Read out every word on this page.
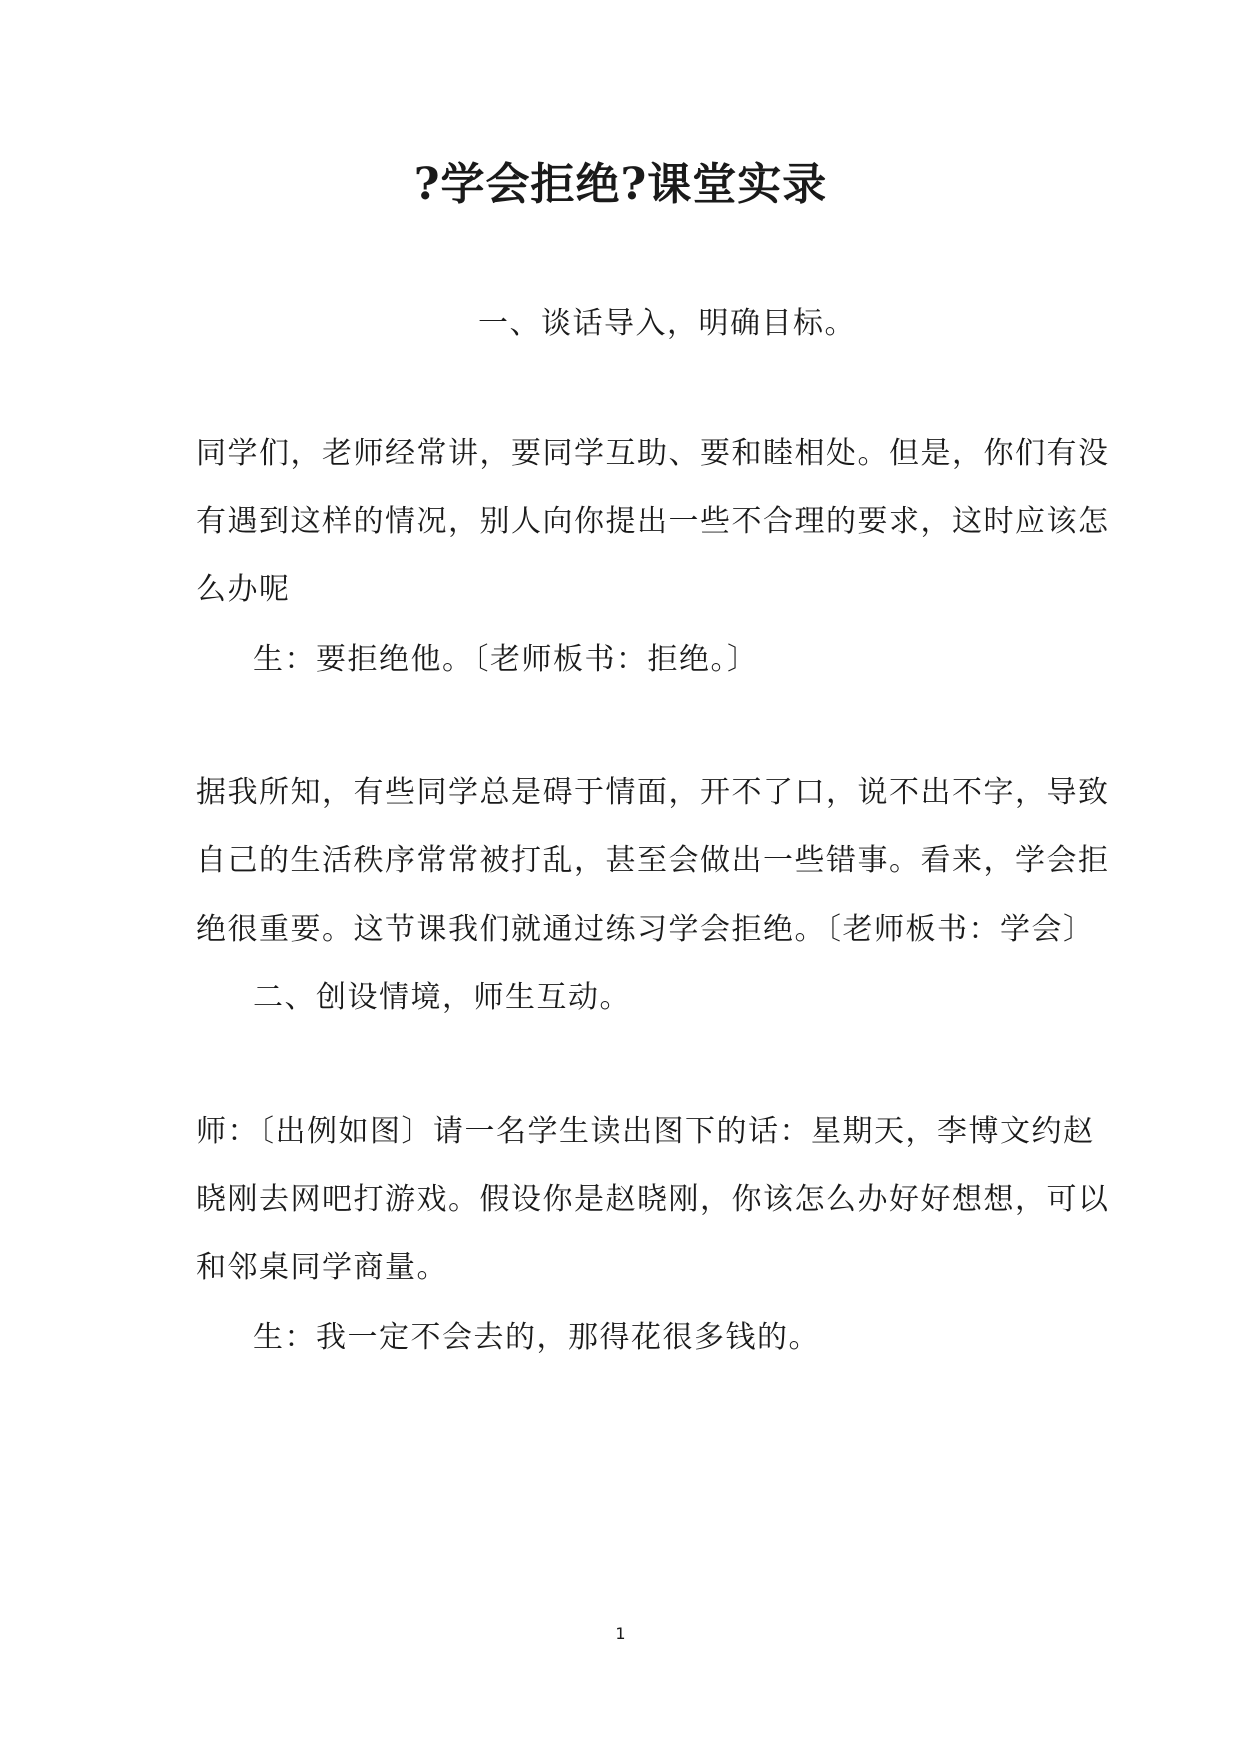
?学会拒绝?课堂实录
一、谈话导入，明确目标。
同学们，老师经常讲，要同学互助、要和睦相处。但是，你们有没
有遇到这样的情况，别人向你提出一些不合理的要求，这时应该怎
么办呢
生：要拒绝他。〔老师板书：拒绝。〕
据我所知，有些同学总是碍于情面，开不了口，说不出不字，导致
自己的生活秩序常常被打乱，甚至会做出一些错事。看来，学会拒
绝很重要。这节课我们就通过练习学会拒绝。〔老师板书：学会〕
二、创设情境，师生互动。
师：〔出例如图〕请一名学生读出图下的话：星期天，李博文约赵
晓刚去网吧打游戏。假设你是赵晓刚，你该怎么办好好想想，可以
和邻桌同学商量。
生：我一定不会去的，那得花很多钱的。
1
